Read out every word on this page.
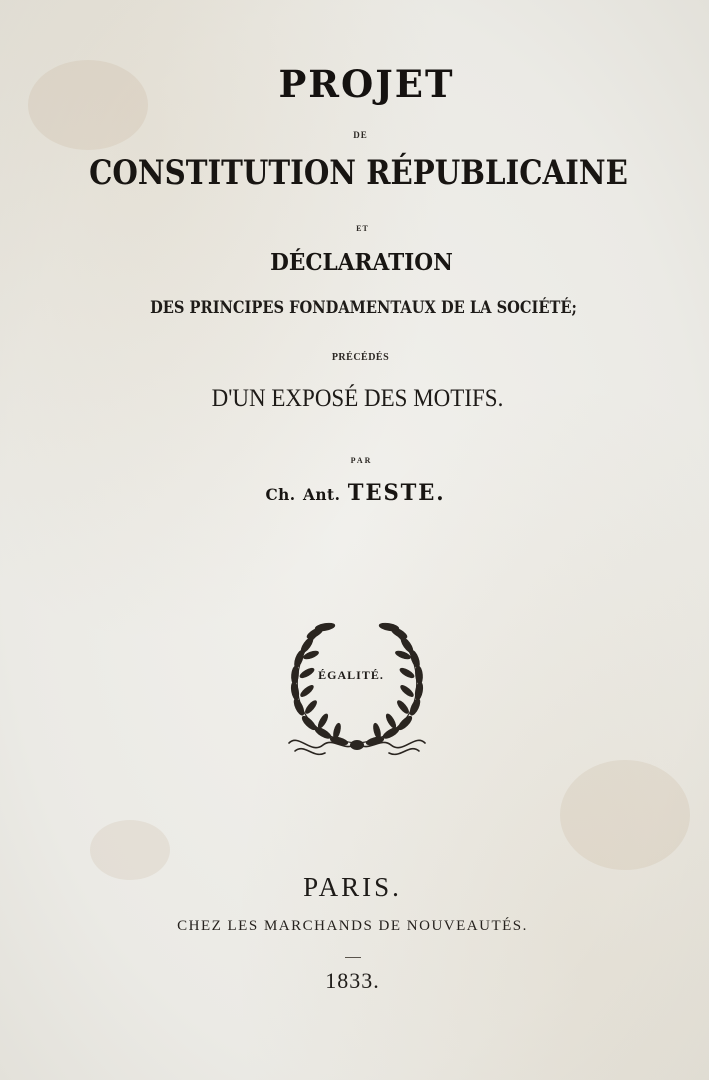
PROJET

DE

CONSTITUTION RÉPUBLICAINE

ET

DÉCLARATION

DES PRINCIPES FONDAMENTAUX DE LA SOCIÉTÉ;

PRÉCÉDÉS

D'UN EXPOSÉ DES MOTIFS.

PAR

Ch. Ant. TESTE.

ÉGALITÉ.

PARIS.

CHEZ LES MARCHANDS DE NOUVEAUTÉS.

1833.
